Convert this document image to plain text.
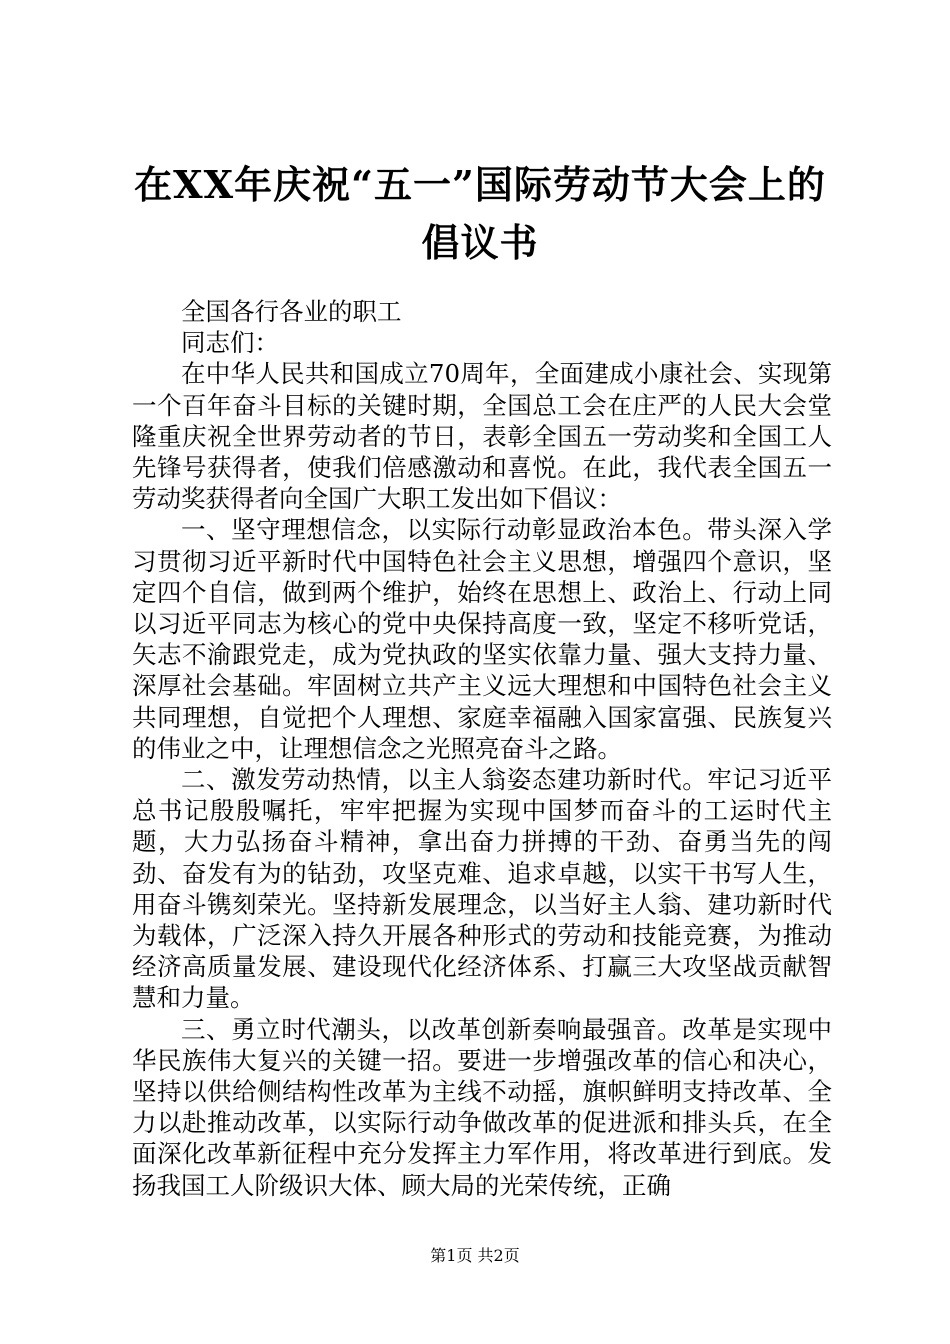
在XX年庆祝“五一”国际劳动节大会上的倡议书

全国各行各业的职工

同志们：

在中华人民共和国成立70周年，全面建成小康社会、实现第一个百年奋斗目标的关键时期，全国总工会在庄严的人民大会堂隆重庆祝全世界劳动者的节日，表彰全国五一劳动奖和全国工人先锋号获得者，使我们倍感激动和喜悦。在此，我代表全国五一劳动奖获得者向全国广大职工发出如下倡议：

一、坚守理想信念，以实际行动彰显政治本色。带头深入学习贯彻习近平新时代中国特色社会主义思想，增强四个意识，坚定四个自信，做到两个维护，始终在思想上、政治上、行动上同以习近平同志为核心的党中央保持高度一致，坚定不移听党话，矢志不渝跟党走，成为党执政的坚实依靠力量、强大支持力量、深厚社会基础。牢固树立共产主义远大理想和中国特色社会主义共同理想，自觉把个人理想、家庭幸福融入国家富强、民族复兴的伟业之中，让理想信念之光照亮奋斗之路。

二、激发劳动热情，以主人翁姿态建功新时代。牢记习近平总书记殷殷嘱托，牢牢把握为实现中国梦而奋斗的工运时代主题，大力弘扬奋斗精神，拿出奋力拼搏的干劲、奋勇当先的闯劲、奋发有为的钻劲，攻坚克难、追求卓越，以实干书写人生，用奋斗镌刻荣光。坚持新发展理念，以当好主人翁、建功新时代为载体，广泛深入持久开展各种形式的劳动和技能竞赛，为推动经济高质量发展、建设现代化经济体系、打赢三大攻坚战贡献智慧和力量。

三、勇立时代潮头，以改革创新奏响最强音。改革是实现中华民族伟大复兴的关键一招。要进一步增强改革的信心和决心，坚持以供给侧结构性改革为主线不动摇，旗帜鲜明支持改革、全力以赴推动改革，以实际行动争做改革的促进派和排头兵，在全面深化改革新征程中充分发挥主力军作用，将改革进行到底。发扬我国工人阶级识大体、顾大局的光荣传统，正确

第1页 共2页
